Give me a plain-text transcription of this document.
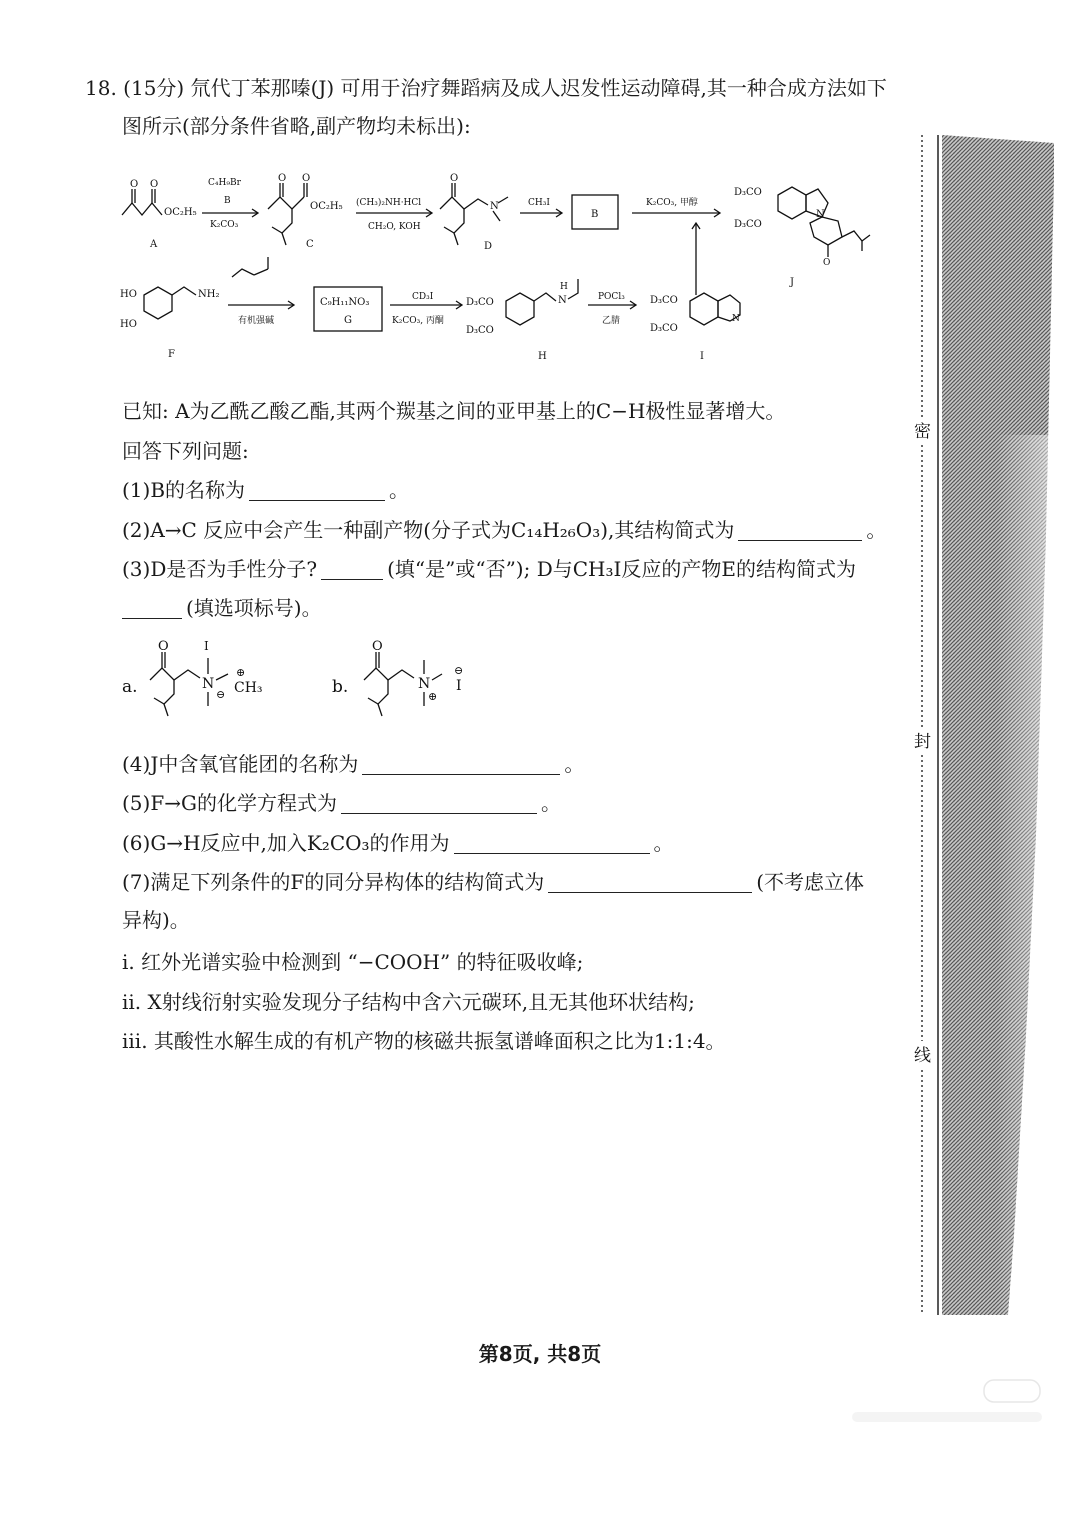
18. (15分) 氘代丁苯那嗪(J) 可用于治疗舞蹈病及成人迟发性运动障碍,其一种合成方法如下
图所示(部分条件省略,副产物均未标出):
O O
OC₂H₅
A
C₄H₉Br
B
K₂CO₃
O O
OC₂H₅
C
(CH₃)₂NH·HCl
CH₂O, KOH
O
N
D
CH₃I
B
K₂CO₃, 甲醇
D₃CO
D₃CO
N
O
J
HO
HO
NH₂
F
有机强碱
C₉H₁₁NO₃
G
CD₃I
K₂CO₃, 丙酮
D₃CO
D₃CO
N
H
H
POCl₃
乙腈
D₃CO
D₃CO
N
I
已知: A为乙酰乙酸乙酯,其两个羰基之间的亚甲基上的C−H极性显著增大。
回答下列问题:
(1)B的名称为	。
(2)A→C 反应中会产生一种副产物(分子式为C₁₄H₂₆O₃),其结构简式为	。
(3)D是否为手性分子?	(填“是”或“否”); D与CH₃I反应的产物E的结构简式为
(填选项标号)。
a.
O
N
I
⊖
⊕
CH₃	b.
O
N
⊕
⊖
I
(4)J中含氧官能团的名称为	。
(5)F→G的化学方程式为	。
(6)G→H反应中,加入K₂CO₃的作用为	。
(7)满足下列条件的F的同分异构体的结构简式为	(不考虑立体
异构)。
i. 红外光谱实验中检测到 “−COOH” 的特征吸收峰;
ii. X射线衍射实验发现分子结构中含六元碳环,且无其他环状结构;
iii. 其酸性水解生成的有机产物的核磁共振氢谱峰面积之比为1:1:4。
密
封
线
第8页, 共8页
